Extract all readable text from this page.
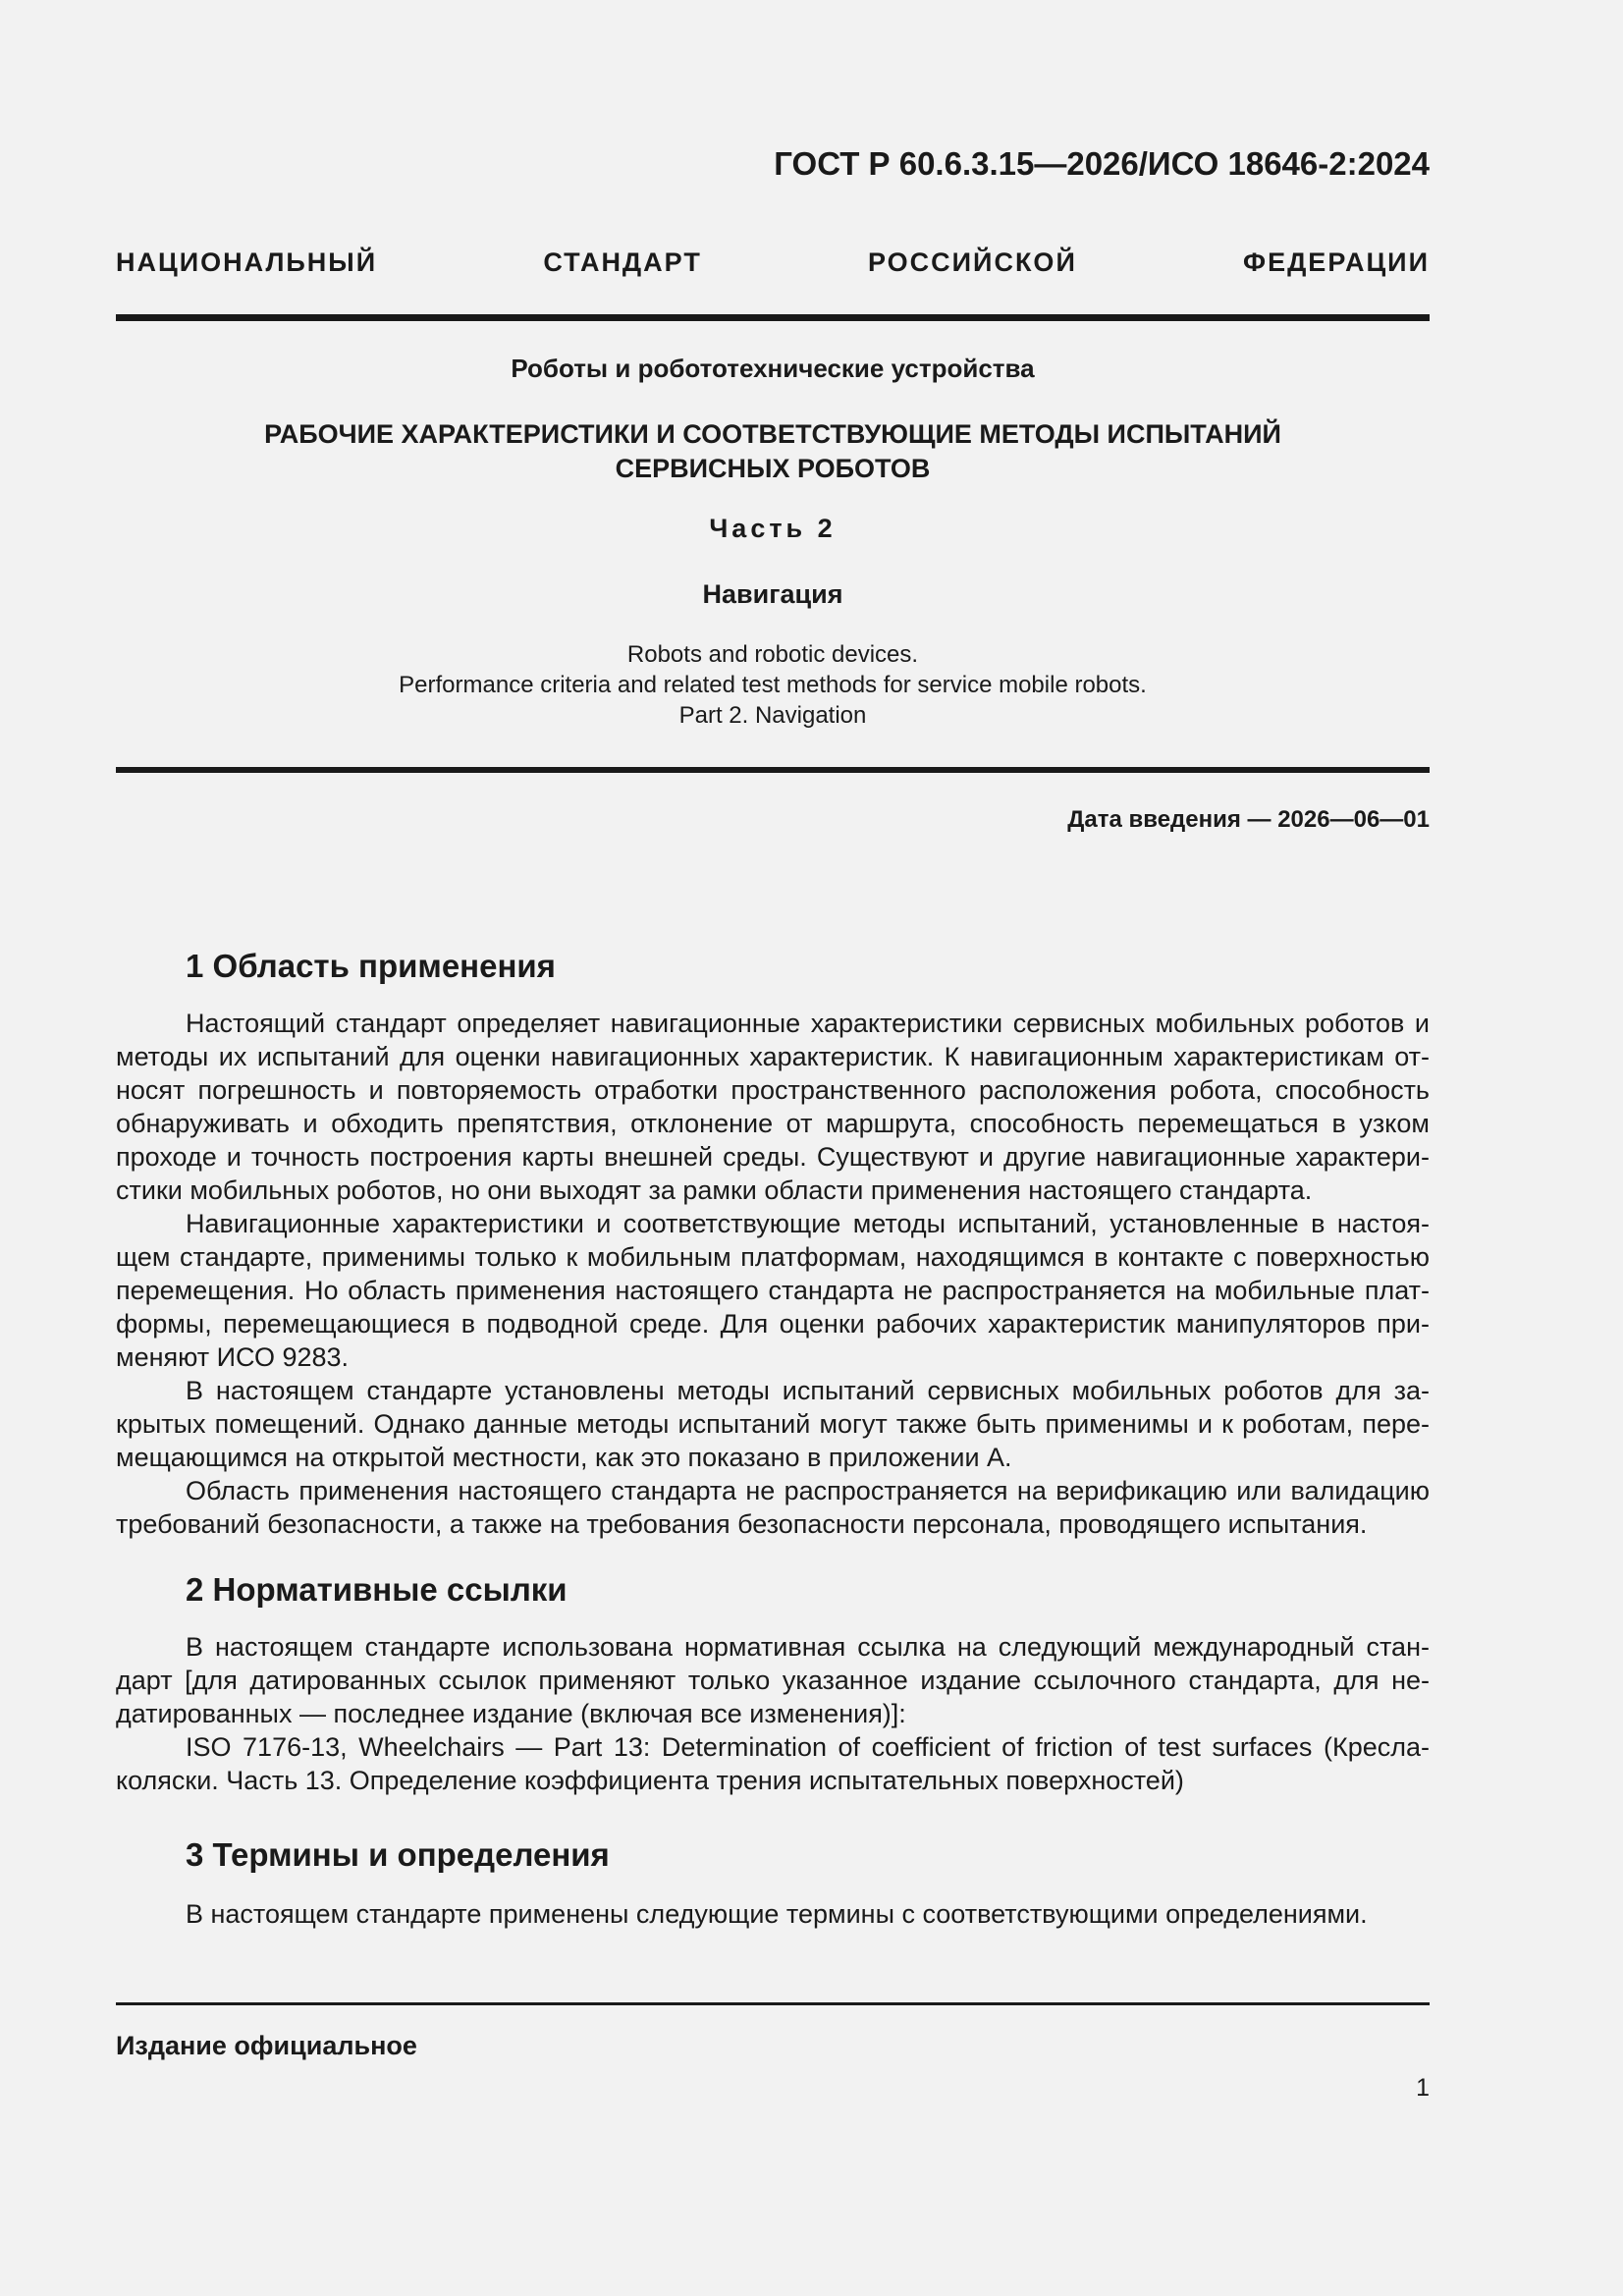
ГОСТ Р 60.6.3.15—2026/ИСО 18646-2:2024
НАЦИОНАЛЬНЫЙ СТАНДАРТ РОССИЙСКОЙ ФЕДЕРАЦИИ
Роботы и робототехнические устройства
РАБОЧИЕ ХАРАКТЕРИСТИКИ И СООТВЕТСТВУЮЩИЕ МЕТОДЫ ИСПЫТАНИЙ
СЕРВИСНЫХ РОБОТОВ
Часть 2
Навигация
Robots and robotic devices.
Performance criteria and related test methods for service mobile robots.
Part 2. Navigation
Дата введения — 2026—06—01
1 Область применения

Настоящий стандарт определяет навигационные характеристики сервисных мобильных роботов и методы их испытаний для оценки навигационных характеристик. К навигационным характеристикам относят погрешность и повторяемость отработки пространственного расположения робота, способность обнаруживать и обходить препятствия, отклонение от маршрута, способность перемещаться в узком проходе и точность построения карты внешней среды. Существуют и другие навигационные характеристики мобильных роботов, но они выходят за рамки области применения настоящего стандарта.

Навигационные характеристики и соответствующие методы испытаний, установленные в настоящем стандарте, применимы только к мобильным платформам, находящимся в контакте с поверхностью перемещения. Но область применения настоящего стандарта не распространяется на мобильные платформы, перемещающиеся в подводной среде. Для оценки рабочих характеристик манипуляторов применяют ИСО 9283.

В настоящем стандарте установлены методы испытаний сервисных мобильных роботов для закрытых помещений. Однако данные методы испытаний могут также быть применимы и к роботам, перемещающимся на открытой местности, как это показано в приложении А.

Область применения настоящего стандарта не распространяется на верификацию или валидацию требований безопасности, а также на требования безопасности персонала, проводящего испытания.

2 Нормативные ссылки

В настоящем стандарте использована нормативная ссылка на следующий международный стандарт [для датированных ссылок применяют только указанное издание ссылочного стандарта, для недатированных — последнее издание (включая все изменения)]:

ISO 7176-13, Wheelchairs — Part 13: Determination of coefficient of friction of test surfaces (Креслаколяски. Часть 13. Определение коэффициента трения испытательных поверхностей)

3 Термины и определения

В настоящем стандарте применены следующие термины с соответствующими определениями.

Издание официальное
1
